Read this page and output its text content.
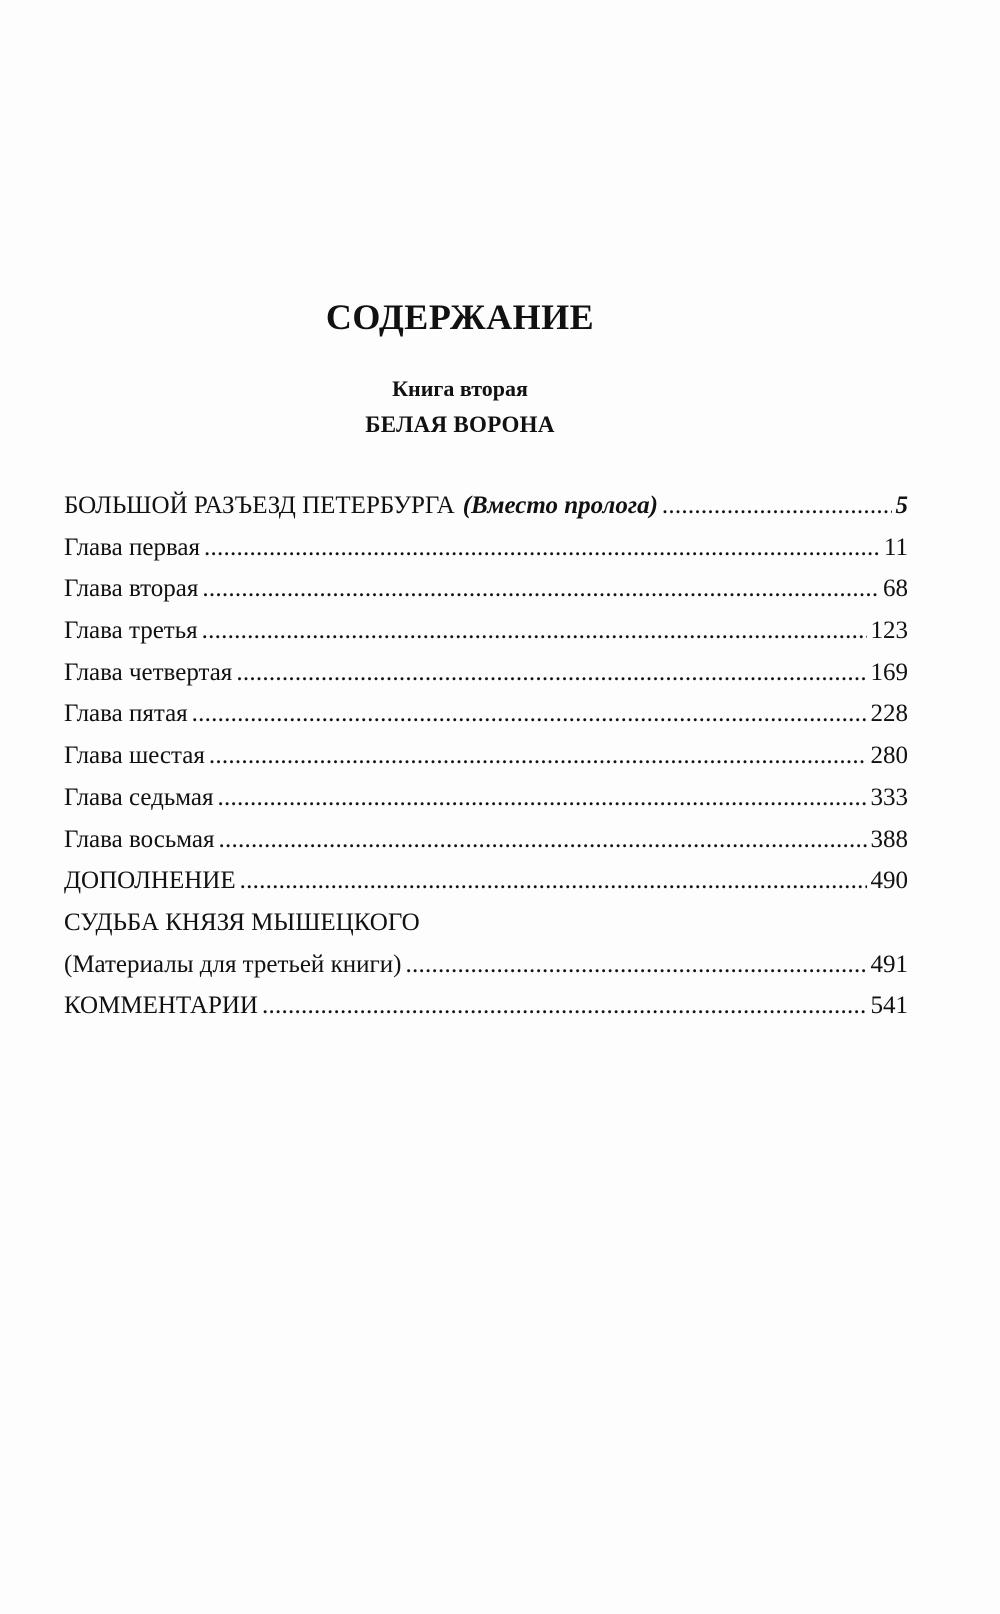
СОДЕРЖАНИЕ
Книга вторая
БЕЛАЯ ВОРОНА
БОЛЬШОЙ РАЗЪЕЗД ПЕТЕРБУРГА (Вместо пролога) . . .	5
Глава первая . . .	11
Глава вторая . . .	68
Глава третья . . .	123
Глава четвертая . . .	169
Глава пятая . . .	228
Глава шестая . . .	280
Глава седьмая . . .	333
Глава восьмая . . .	388
ДОПОЛНЕНИЕ . . .	490
СУДЬБА КНЯЗЯ МЫШЕЦКОГО
(Материалы для третьей книги) . . .	491
КОММЕНТАРИИ . . .	541
